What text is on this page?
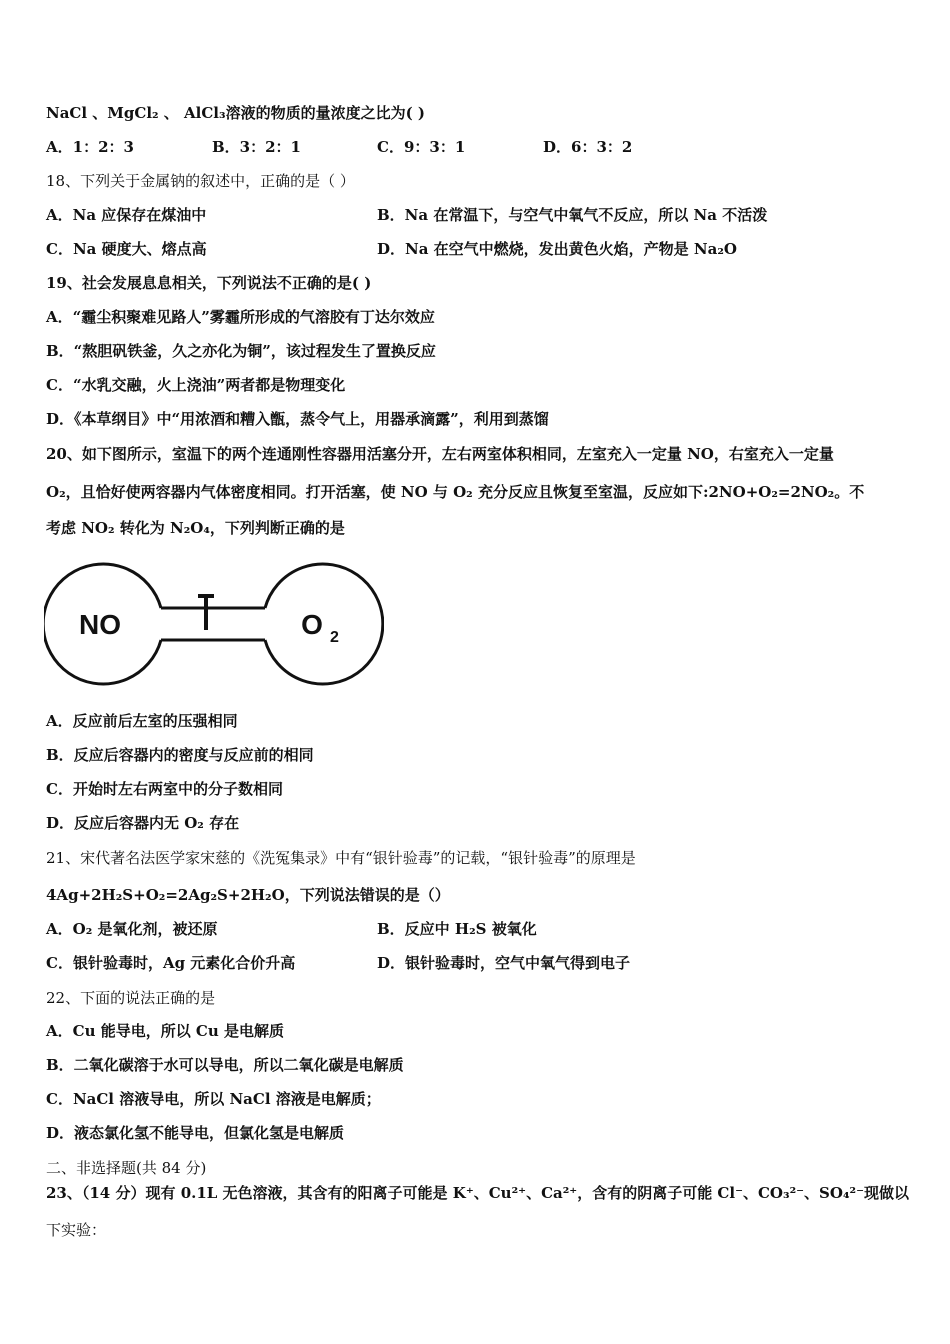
NaCl 、MgCl₂ 、 AlCl₃溶液的物质的量浓度之比为( )
A．1：2：3	B．3：2：1	C．9：3：1	D．6：3：2
18、下列关于金属钠的叙述中，正确的是（ ）
A．Na 应保存在煤油中	B．Na 在常温下，与空气中氧气不反应，所以 Na 不活泼
C．Na 硬度大、熔点高	D．Na 在空气中燃烧，发出黄色火焰，产物是 Na₂O
19、社会发展息息相关，下列说法不正确的是( )
A．“霾尘积聚难见路人”雾霾所形成的气溶胶有丁达尔效应
B．“熬胆矾铁釜，久之亦化为铜”，该过程发生了置换反应
C．“水乳交融，火上浇油”两者都是物理变化
D．《本草纲目》中“用浓酒和糟入甑，蒸令气上，用器承滴露”，利用到蒸馏
20、如下图所示，室温下的两个连通刚性容器用活塞分开，左右两室体积相同，左室充入一定量 NO，右室充入一定量
O₂，且恰好使两容器内气体密度相同。打开活塞，使 NO 与 O₂ 充分反应且恢复至室温，反应如下:2NO+O₂=2NO₂。不
考虑 NO₂ 转化为 N₂O₄，下列判断正确的是
NO	O 2
A．反应前后左室的压强相同
B．反应后容器内的密度与反应前的相同
C．开始时左右两室中的分子数相同
D．反应后容器内无 O₂ 存在
21、宋代著名法医学家宋慈的《洗冤集录》中有“银针验毒”的记载，“银针验毒”的原理是
4Ag+2H₂S+O₂=2Ag₂S+2H₂O，下列说法错误的是（）
A．O₂ 是氧化剂，被还原	B．反应中 H₂S 被氧化
C．银针验毒时，Ag 元素化合价升高	D．银针验毒时，空气中氧气得到电子
22、下面的说法正确的是
A．Cu 能导电，所以 Cu 是电解质
B．二氧化碳溶于水可以导电，所以二氧化碳是电解质
C．NaCl 溶液导电，所以 NaCl 溶液是电解质；
D．液态氯化氢不能导电，但氯化氢是电解质
二、非选择题(共 84 分)
23、（14 分）现有 0.1L 无色溶液，其含有的阳离子可能是 K⁺、Cu²⁺、Ca²⁺，含有的阴离子可能 Cl⁻、CO₃²⁻、SO₄²⁻现做以
下实验：
